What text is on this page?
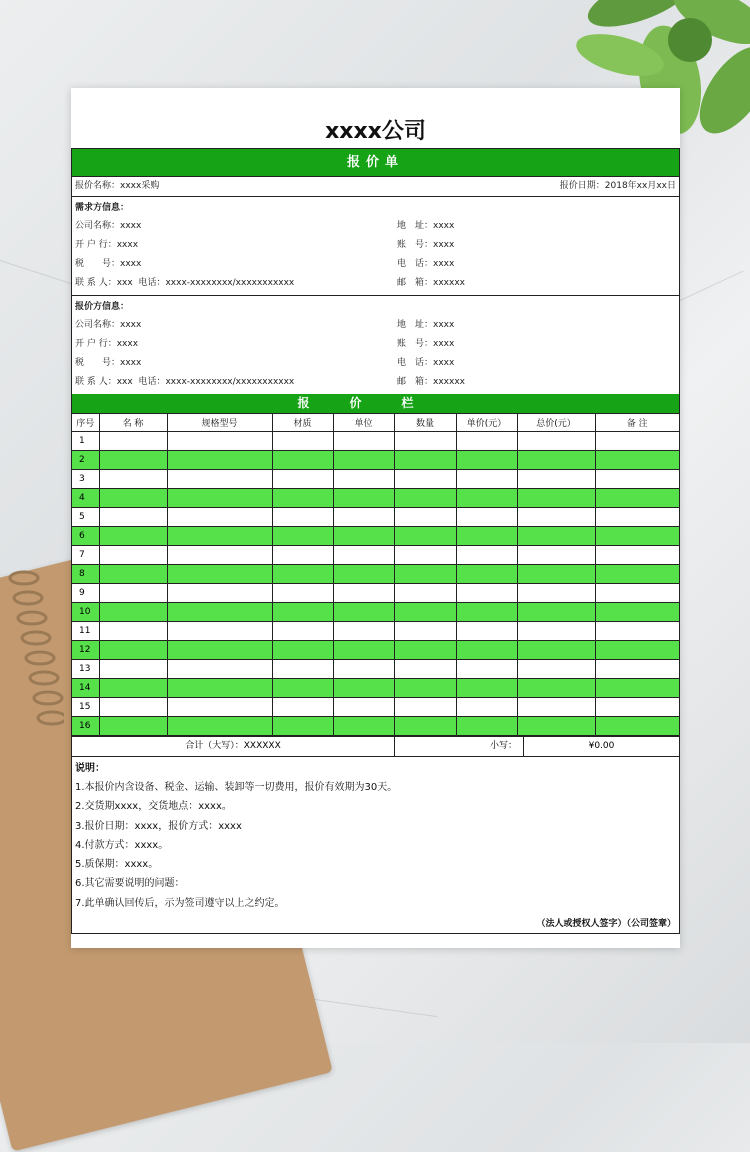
xxxx公司
报价单
报价名称：xxxx采购	报价日期：2018年xx月xx日
需求方信息：
公司名称：xxxx	地　址：xxxx
开 户 行：xxxx	账　号：xxxx
税　　号：xxxx	电　话：xxxx
联 系 人：xxx 电话：xxxx-xxxxxxxx/xxxxxxxxxxx	邮　箱：xxxxxx
报价方信息：
公司名称：xxxx	地　址：xxxx
开 户 行：xxxx	账　号：xxxx
税　　号：xxxx	电　话：xxxx
联 系 人：xxx 电话：xxxx-xxxxxxxx/xxxxxxxxxxx	邮　箱：xxxxxx
报价栏
序号	名 称	规格型号	材质	单位	数量	单价(元）	总价(元）	备 注
1								
2								
3								
4								
5								
6								
7								
8								
9								
10								
11								
12								
13								
14								
15								
16								
合计（大写）：XXXXXX	小写：	¥0.00
说明：
1.本报价内含设备、税金、运输、装卸等一切费用，报价有效期为30天。
2.交货期xxxx，交货地点：xxxx。
3.报价日期：xxxx，报价方式：xxxx
4.付款方式：xxxx。
5.质保期：xxxx。
6.其它需要说明的问题：
7.此单确认回传后，示为签司遵守以上之约定。
（法人或授权人签字）（公司签章）
